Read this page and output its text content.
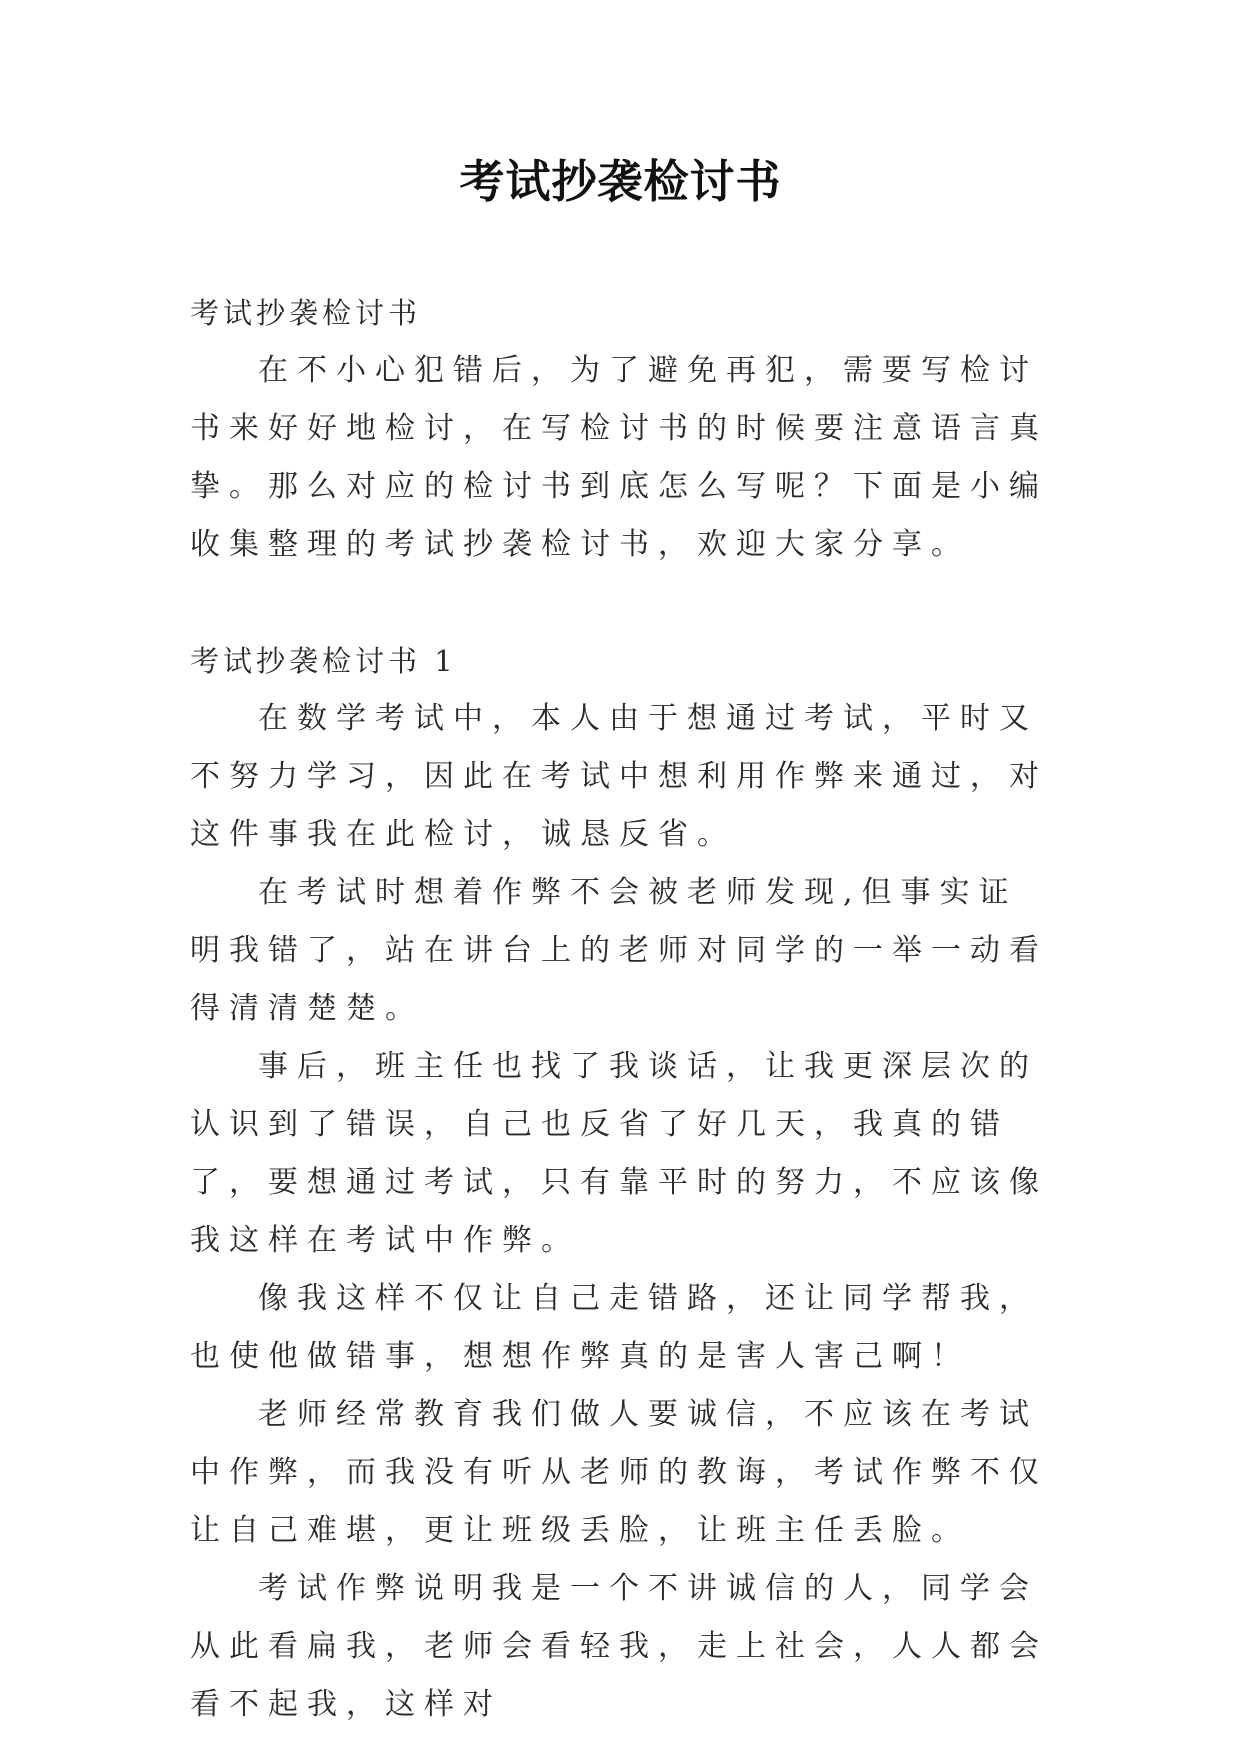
考试抄袭检讨书

考试抄袭检讨书

在不小心犯错后，为了避免再犯，需要写检讨书来好好地检讨，在写检讨书的时候要注意语言真挚。那么对应的检讨书到底怎么写呢？下面是小编收集整理的考试抄袭检讨书，欢迎大家分享。

考试抄袭检讨书 1

在数学考试中，本人由于想通过考试，平时又不努力学习，因此在考试中想利用作弊来通过，对这件事我在此检讨，诚恳反省。

在考试时想着作弊不会被老师发现,但事实证明我错了，站在讲台上的老师对同学的一举一动看得清清楚楚。

事后，班主任也找了我谈话，让我更深层次的认识到了错误，自己也反省了好几天，我真的错了，要想通过考试，只有靠平时的努力，不应该像我这样在考试中作弊。

像我这样不仅让自己走错路，还让同学帮我，也使他做错事，想想作弊真的是害人害己啊！

老师经常教育我们做人要诚信，不应该在考试中作弊，而我没有听从老师的教诲，考试作弊不仅让自己难堪，更让班级丢脸，让班主任丢脸。

考试作弊说明我是一个不讲诚信的人，同学会从此看扁我，老师会看轻我，走上社会，人人都会看不起我，这样对
